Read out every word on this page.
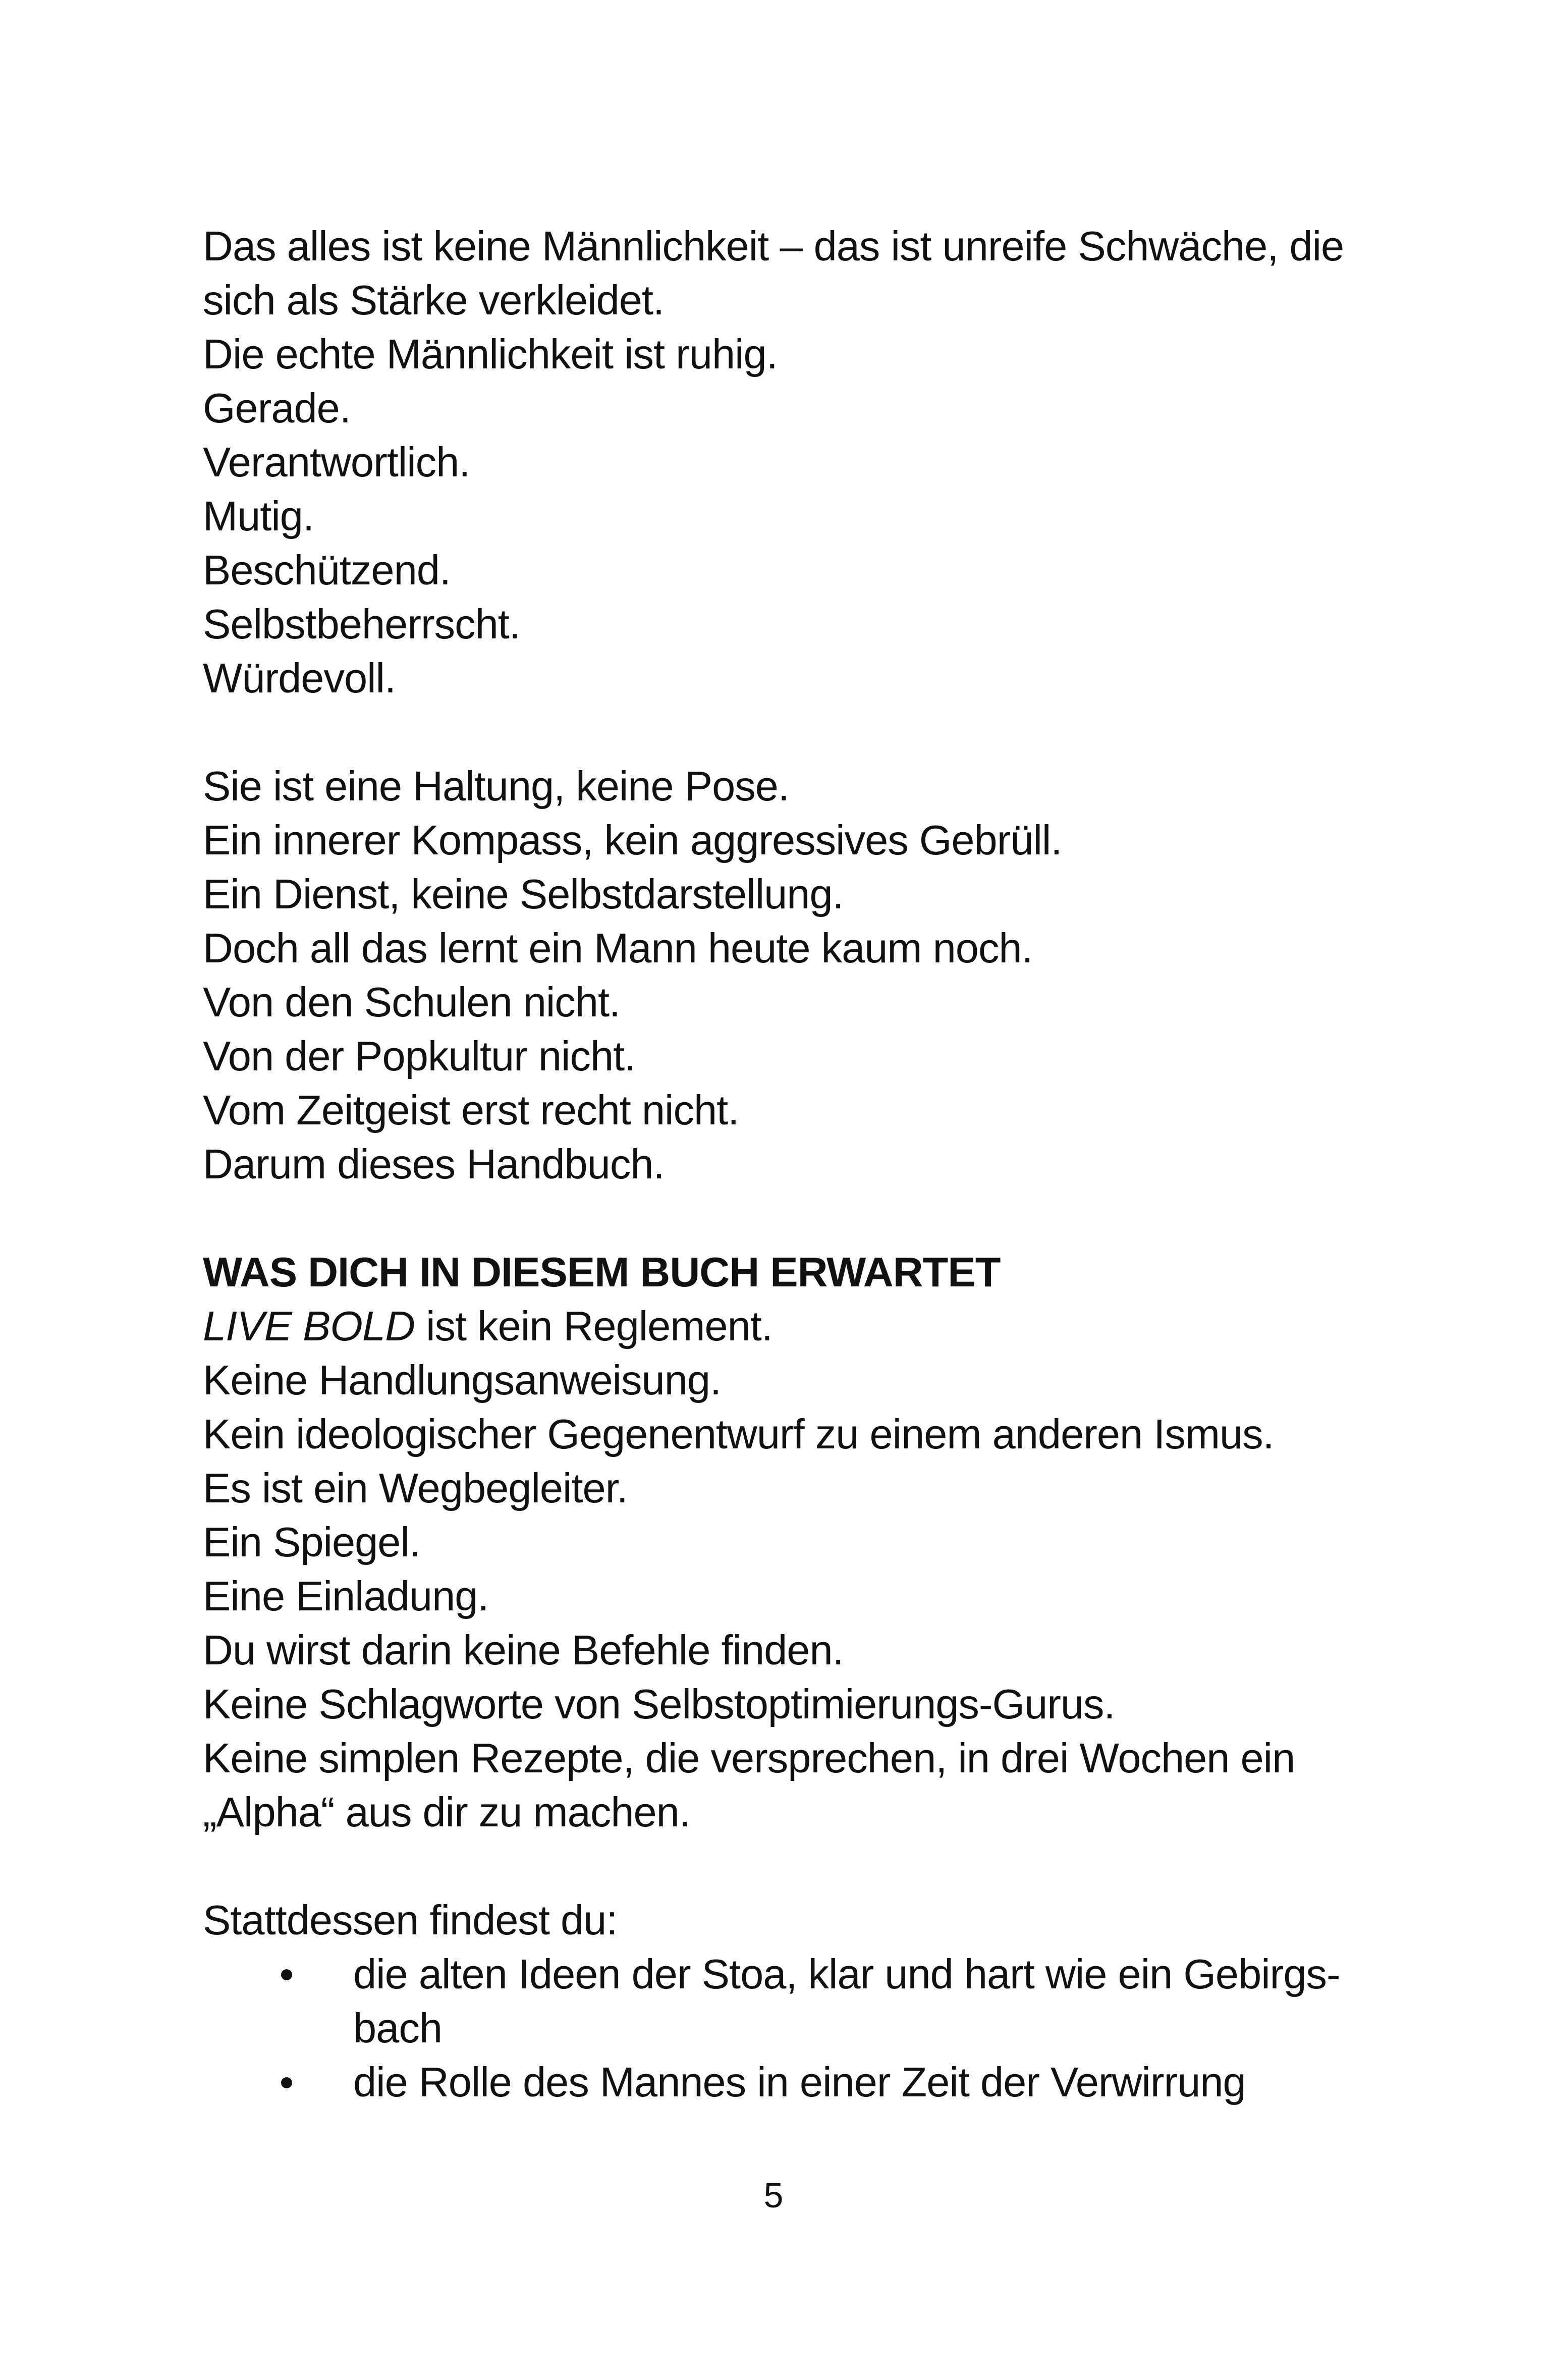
Das alles ist keine Männlichkeit – das ist unreife Schwäche, die
sich als Stärke verkleidet.
Die echte Männlichkeit ist ruhig.
Gerade.
Verantwortlich.
Mutig.
Beschützend.
Selbstbeherrscht.
Würdevoll.
Sie ist eine Haltung, keine Pose.
Ein innerer Kompass, kein aggressives Gebrüll.
Ein Dienst, keine Selbstdarstellung.
Doch all das lernt ein Mann heute kaum noch.
Von den Schulen nicht.
Von der Popkultur nicht.
Vom Zeitgeist erst recht nicht.
Darum dieses Handbuch.
WAS DICH IN DIESEM BUCH ERWARTET
LIVE BOLD ist kein Reglement.
Keine Handlungsanweisung.
Kein ideologischer Gegenentwurf zu einem anderen Ismus.
Es ist ein Wegbegleiter.
Ein Spiegel.
Eine Einladung.
Du wirst darin keine Befehle finden.
Keine Schlagworte von Selbstoptimierungs-Gurus.
Keine simplen Rezepte, die versprechen, in drei Wochen ein
„Alpha“ aus dir zu machen.
Stattdessen findest du:
die alten Ideen der Stoa, klar und hart wie ein Gebirgs-
bach
die Rolle des Mannes in einer Zeit der Verwirrung
5
